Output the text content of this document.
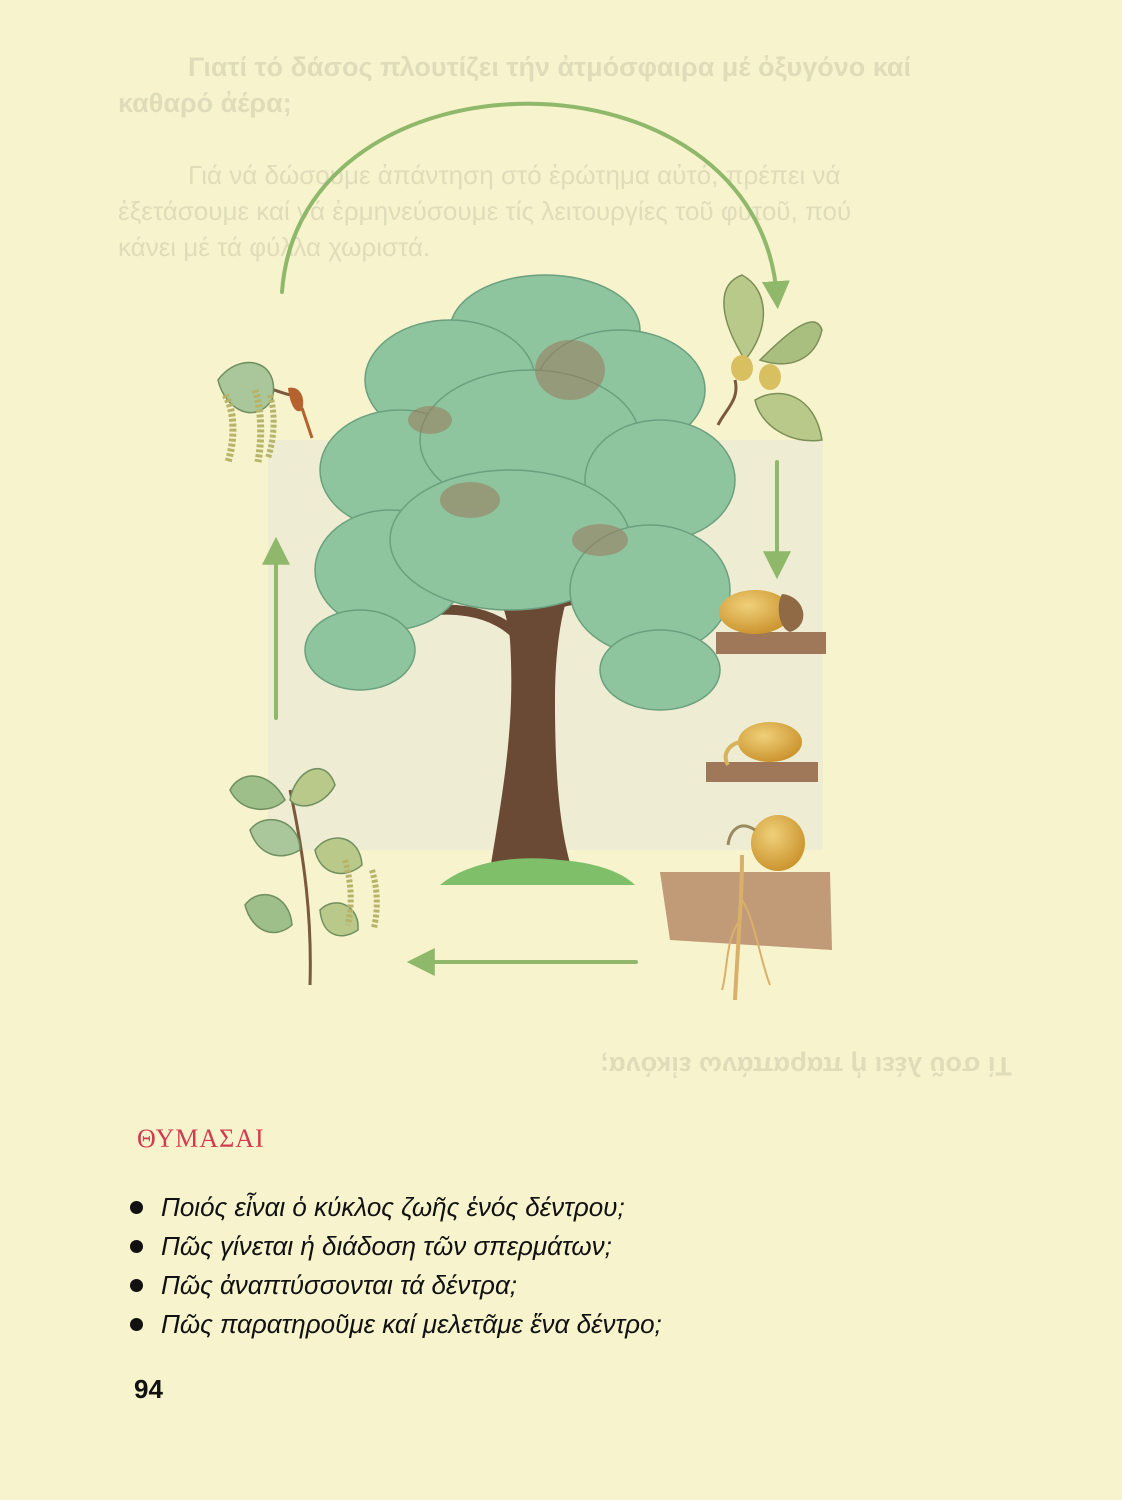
Γιατί τό δάσος πλουτίζει τήν ἀτμόσφαιρα μέ ὀξυγόνο καί
καθαρό ἀέρα;
Γιά νά δώσουμε ἀπάντηση στό ἐρώτημα αὐτό, πρέπει νά
ἐξετάσουμε καί νά ἑρμηνεύσουμε τίς λειτουργίες τοῦ φυτοῦ, πού
κάνει μέ τά φύλλα χωριστά.
Τί σοῦ λέει ἡ παραπάνω εἰκόνα;
ΘΥΜΑΣΑΙ
Ποιός εἶναι ὁ κύκλος ζωῆς ἑνός δέντρου;
Πῶς γίνεται ἡ διάδοση τῶν σπερμάτων;
Πῶς ἀναπτύσσονται τά δέντρα;
Πῶς παρατηροῦμε καί μελετᾶμε ἕνα δέντρο;
94
